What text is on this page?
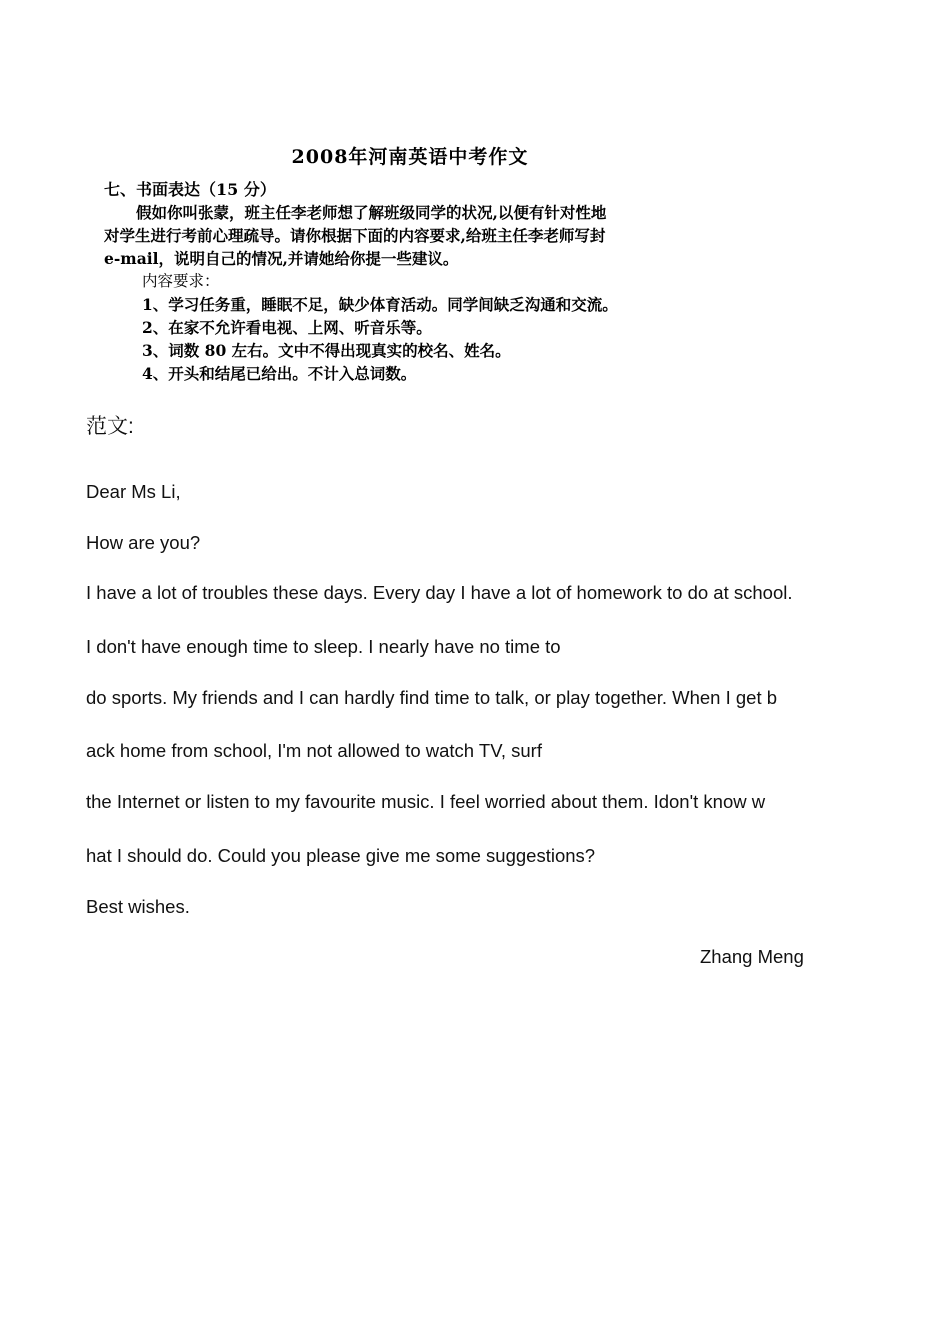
2008年河南英语中考作文
七、书面表达（15 分）
假如你叫张蒙，班主任李老师想了解班级同学的状况,以便有针对性地
对学生进行考前心理疏导。请你根据下面的内容要求,给班主任李老师写封
e-mail，说明自己的情况,并请她给你提一些建议。
内容要求：
1、学习任务重，睡眠不足，缺少体育活动。同学间缺乏沟通和交流。
2、在家不允许看电视、上网、听音乐等。
3、词数 80 左右。文中不得出现真实的校名、姓名。
4、开头和结尾已给出。不计入总词数。
范文:
Dear Ms Li,
How are you?
I have a lot of troubles these days. Every day I have a lot of homework to do at school.
I don't have enough time to sleep. I nearly have no time to
do sports. My friends and I can hardly find time to talk, or play together. When I get b
ack home from school, I'm not allowed to watch TV, surf
the Internet or listen to my favourite music. I feel worried about them. Idon't know w
hat I should do. Could you please give me some suggestions?
Best wishes.
Zhang Meng
